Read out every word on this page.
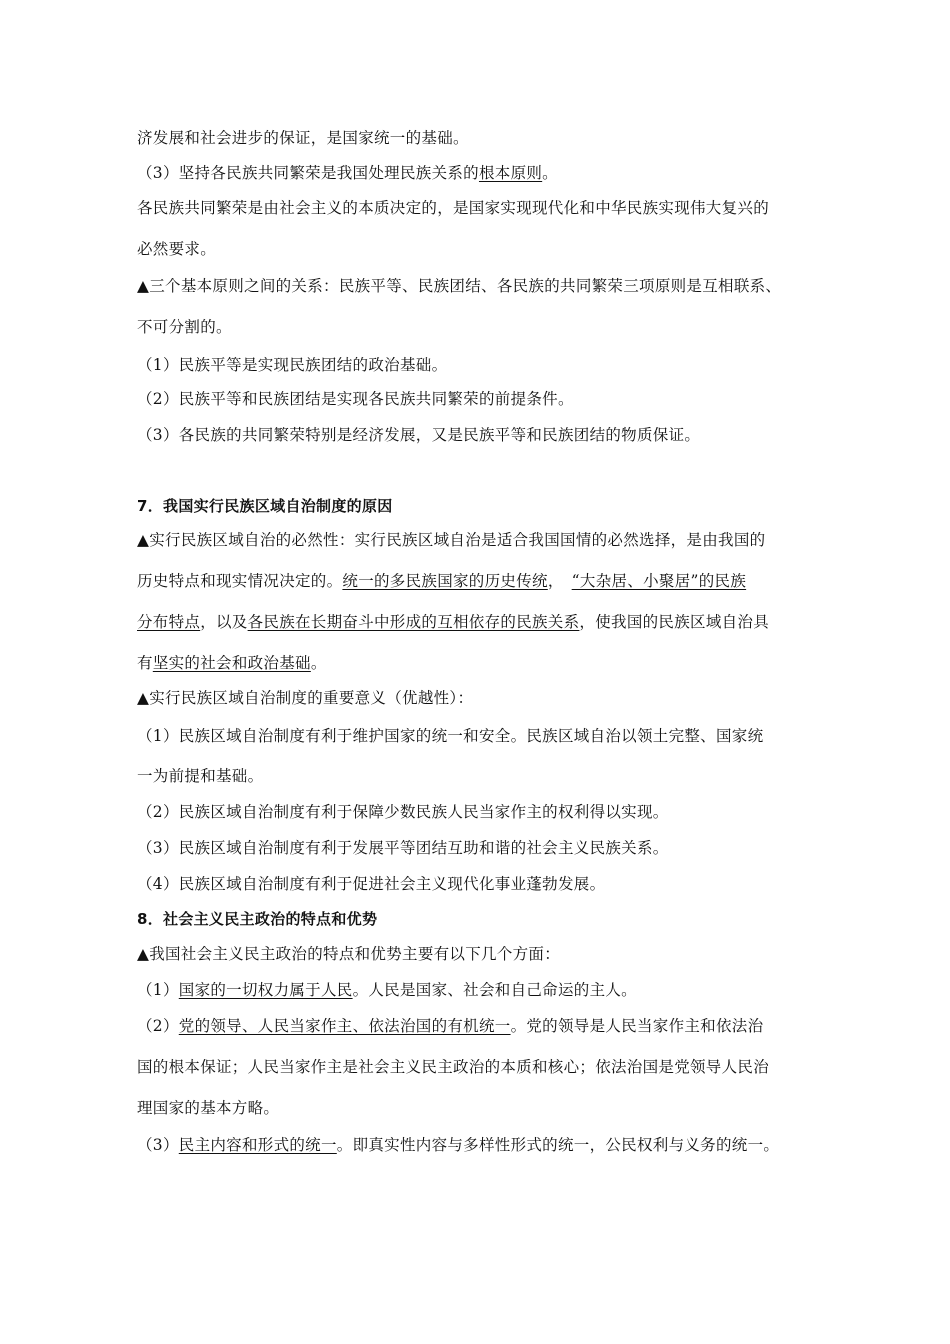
济发展和社会进步的保证，是国家统一的基础。
（3）坚持各民族共同繁荣是我国处理民族关系的根本原则。
各民族共同繁荣是由社会主义的本质决定的，是国家实现现代化和中华民族实现伟大复兴的
必然要求。
▲三个基本原则之间的关系：民族平等、民族团结、各民族的共同繁荣三项原则是互相联系、
不可分割的。
（1）民族平等是实现民族团结的政治基础。
（2）民族平等和民族团结是实现各民族共同繁荣的前提条件。
（3）各民族的共同繁荣特别是经济发展，又是民族平等和民族团结的物质保证。
7．我国实行民族区域自治制度的原因
▲实行民族区域自治的必然性：实行民族区域自治是适合我国国情的必然选择，是由我国的
历史特点和现实情况决定的。统一的多民族国家的历史传统，　“大杂居、小聚居”的民族
分布特点，以及各民族在长期奋斗中形成的互相依存的民族关系，使我国的民族区域自治具
有坚实的社会和政治基础。
▲实行民族区域自治制度的重要意义（优越性）：
（1）民族区域自治制度有利于维护国家的统一和安全。民族区域自治以领土完整、国家统
一为前提和基础。
（2）民族区域自治制度有利于保障少数民族人民当家作主的权利得以实现。
（3）民族区域自治制度有利于发展平等团结互助和谐的社会主义民族关系。
（4）民族区域自治制度有利于促进社会主义现代化事业蓬勃发展。
8．社会主义民主政治的特点和优势
▲我国社会主义民主政治的特点和优势主要有以下几个方面：
（1）国家的一切权力属于人民。人民是国家、社会和自己命运的主人。
（2）党的领导、人民当家作主、依法治国的有机统一。党的领导是人民当家作主和依法治
国的根本保证；人民当家作主是社会主义民主政治的本质和核心；依法治国是党领导人民治
理国家的基本方略。
（3）民主内容和形式的统一。即真实性内容与多样性形式的统一，公民权利与义务的统一。
